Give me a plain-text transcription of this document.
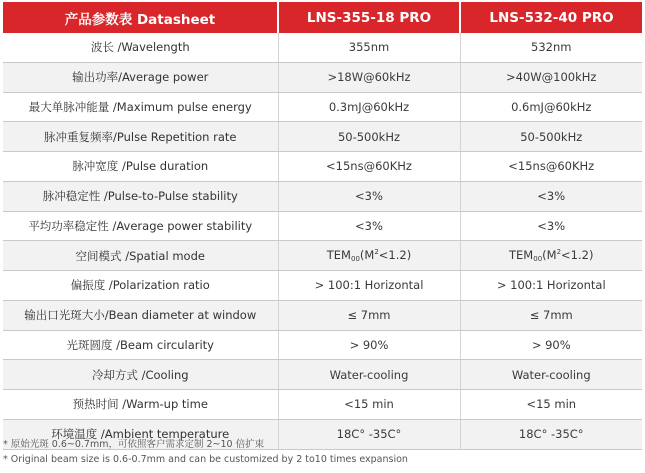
产品参数表 Datasheet	LNS-355-18 PRO	LNS-532-40 PRO
波长 /Wavelength	355nm	532nm
输出功率/Average power	>18W@60kHz	>40W@100kHz
最大单脉冲能量 /Maximum pulse energy	0.3mJ@60kHz	0.6mJ@60kHz
脉冲重复频率/Pulse Repetition rate	50-500kHz	50-500kHz
脉冲宽度 /Pulse duration	<15ns@60KHz	<15ns@60KHz
脉冲稳定性 /Pulse-to-Pulse stability	<3%	<3%
平均功率稳定性 /Average power stability	<3%	<3%
空间模式 /Spatial mode	$TEM_{00}(M^2<1.2)$	$TEM_{00}(M^2<1.2)$
偏振度 /Polarization ratio	> 100:1 Horizontal	> 100:1 Horizontal
输出口光斑大小/Bean diameter at window	≤ 7mm	≤ 7mm
光斑圆度 /Beam circularity	> 90%	> 90%
冷却方式 /Cooling	Water-cooling	Water-cooling
预热时间 /Warm-up time	<15 min	<15 min
环境温度 /Ambient temperature	18C° -35C°	18C° -35C°
* 原始光斑 0.6~0.7mm，可依照客户需求定制 2~10 倍扩束
* Original beam size is 0.6-0.7mm and can be customized by 2 to10 times expansion
